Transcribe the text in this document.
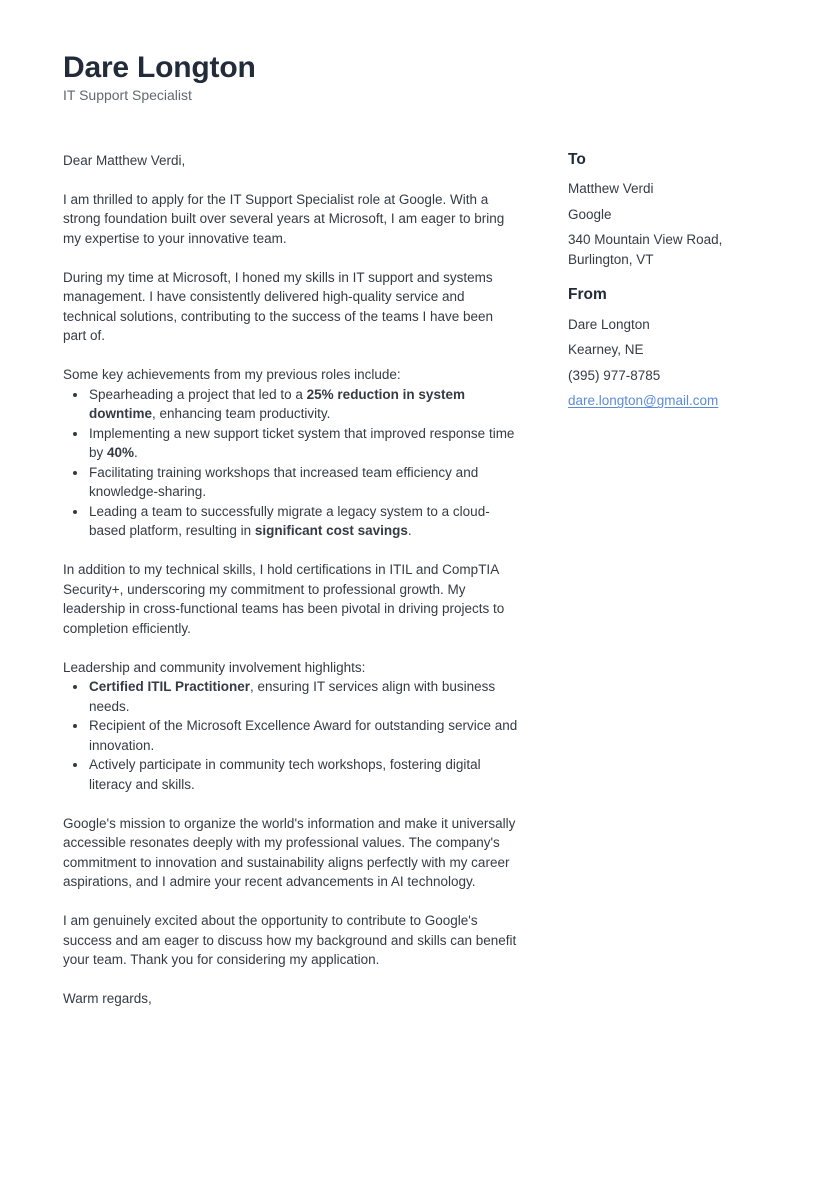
Dare Longton
IT Support Specialist

Dear Matthew Verdi,

I am thrilled to apply for the IT Support Specialist role at Google. With a strong foundation built over several years at Microsoft, I am eager to bring my expertise to your innovative team.

During my time at Microsoft, I honed my skills in IT support and systems management. I have consistently delivered high-quality service and technical solutions, contributing to the success of the teams I have been part of.

Some key achievements from my previous roles include:

• Spearheading a project that led to a 25% reduction in system downtime, enhancing team productivity.
• Implementing a new support ticket system that improved response time by 40%.
• Facilitating training workshops that increased team efficiency and knowledge-sharing.
• Leading a team to successfully migrate a legacy system to a cloud-based platform, resulting in significant cost savings.

In addition to my technical skills, I hold certifications in ITIL and CompTIA Security+, underscoring my commitment to professional growth. My leadership in cross-functional teams has been pivotal in driving projects to completion efficiently.

Leadership and community involvement highlights:

• Certified ITIL Practitioner, ensuring IT services align with business needs.
• Recipient of the Microsoft Excellence Award for outstanding service and innovation.
• Actively participate in community tech workshops, fostering digital literacy and skills.

Google's mission to organize the world's information and make it universally accessible resonates deeply with my professional values. The company's commitment to innovation and sustainability aligns perfectly with my career aspirations, and I admire your recent advancements in AI technology.

I am genuinely excited about the opportunity to contribute to Google's success and am eager to discuss how my background and skills can benefit your team. Thank you for considering my application.

Warm regards,

To
Matthew Verdi
Google
340 Mountain View Road, Burlington, VT
From
Dare Longton
Kearney, NE
(395) 977-8785
dare.longton@gmail.com
